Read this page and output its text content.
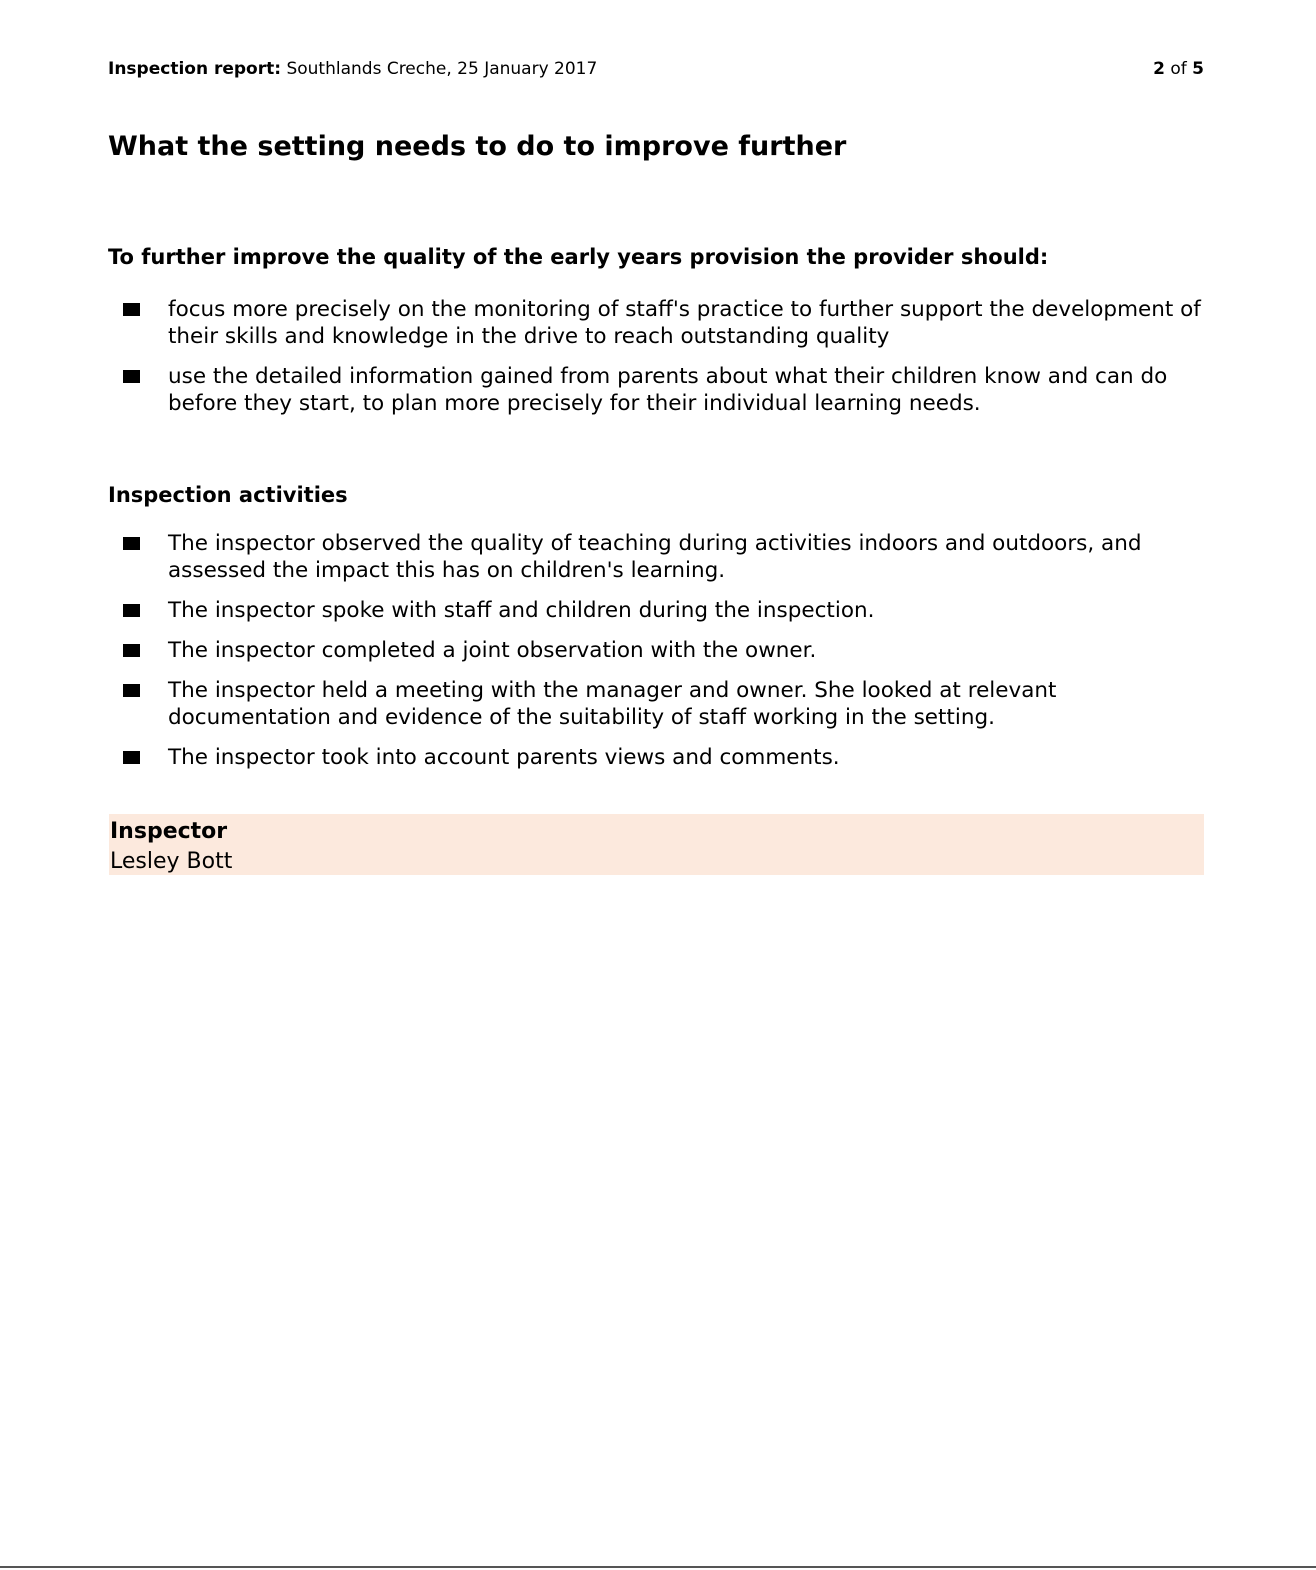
Inspection report: Southlands Creche, 25 January 2017	2 of 5
What the setting needs to do to improve further
To further improve the quality of the early years provision the provider should:
focus more precisely on the monitoring of staff's practice to further support the development of their skills and knowledge in the drive to reach outstanding quality
use the detailed information gained from parents about what their children know and can do before they start, to plan more precisely for their individual learning needs.
Inspection activities
The inspector observed the quality of teaching during activities indoors and outdoors, and assessed the impact this has on children's learning.
The inspector spoke with staff and children during the inspection.
The inspector completed a joint observation with the owner.
The inspector held a meeting with the manager and owner. She looked at relevant documentation and evidence of the suitability of staff working in the setting.
The inspector took into account parents views and comments.
Inspector
Lesley Bott
